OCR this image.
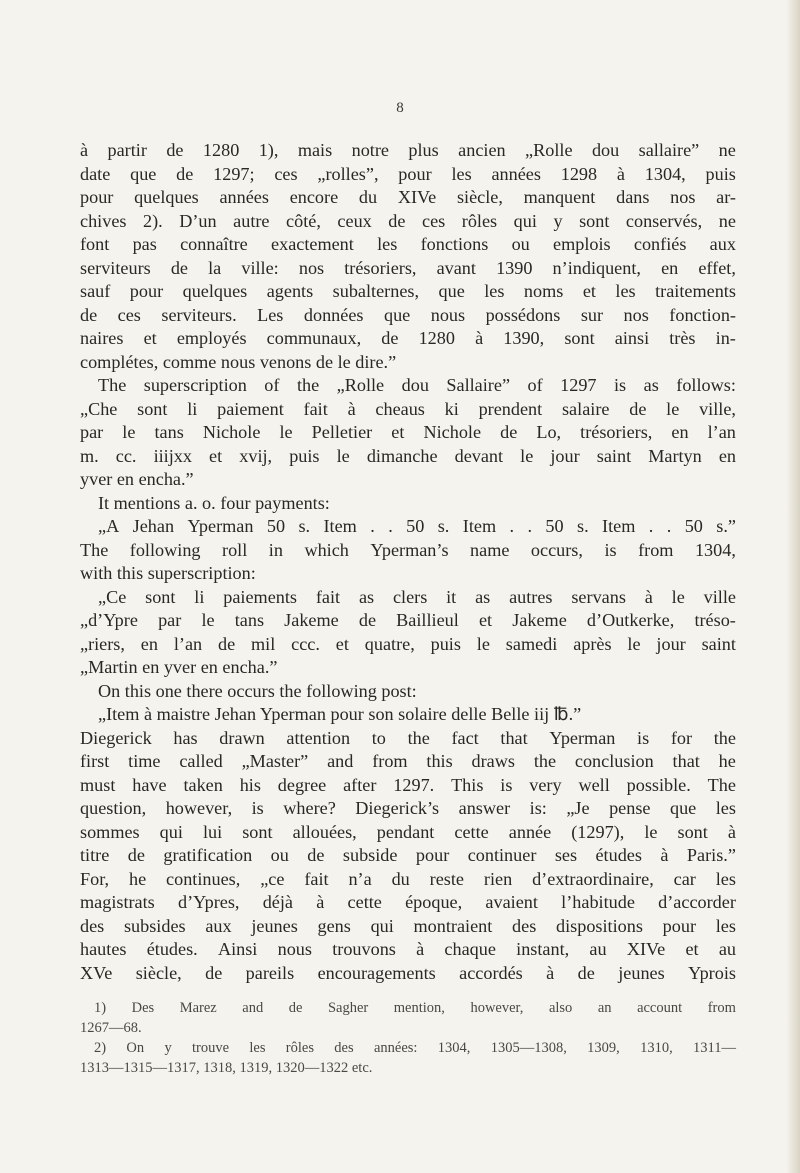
8
à partir de 1280 1), mais notre plus ancien „Rolle dou sallaire” ne
date que de 1297; ces „rolles”, pour les années 1298 à 1304, puis
pour quelques années encore du XIVe siècle, manquent dans nos ar-
chives 2). D’un autre côté, ceux de ces rôles qui y sont conservés, ne
font pas connaître exactement les fonctions ou emplois confiés aux
serviteurs de la ville: nos trésoriers, avant 1390 n’indiquent, en effet,
sauf pour quelques agents subalternes, que les noms et les traitements
de ces serviteurs. Les données que nous possédons sur nos fonction-
naires et employés communaux, de 1280 à 1390, sont ainsi très in-
complétes, comme nous venons de le dire.”
The superscription of the „Rolle dou Sallaire” of 1297 is as follows:
„Che sont li paiement fait à cheaus ki prendent salaire de le ville,
par le tans Nichole le Pelletier et Nichole de Lo, trésoriers, en l’an
m. cc. iiijxx et xvij, puis le dimanche devant le jour saint Martyn en
yver en encha.”
It mentions a. o. four payments:
„A Jehan Yperman 50 s. Item . . 50 s. Item . . 50 s. Item . . 50 s.”
The following roll in which Yperman’s name occurs, is from 1304,
with this superscription:
„Ce sont li paiements fait as clers it as autres servans à le ville
„d’Ypre par le tans Jakeme de Baillieul et Jakeme d’Outkerke, tréso-
„riers, en l’an de mil ccc. et quatre, puis le samedi après le jour saint
„Martin en yver en encha.”
On this one there occurs the following post:
„Item à maistre Jehan Yperman pour son solaire delle Belle iij ℔.”
Diegerick has drawn attention to the fact that Yperman is for the
first time called „Master” and from this draws the conclusion that he
must have taken his degree after 1297. This is very well possible. The
question, however, is where? Diegerick’s answer is: „Je pense que les
sommes qui lui sont allouées, pendant cette année (1297), le sont à
titre de gratification ou de subside pour continuer ses études à Paris.”
For, he continues, „ce fait n’a du reste rien d’extraordinaire, car les
magistrats d’Ypres, déjà à cette époque, avaient l’habitude d’accorder
des subsides aux jeunes gens qui montraient des dispositions pour les
hautes études. Ainsi nous trouvons à chaque instant, au XIVe et au
XVe siècle, de pareils encouragements accordés à de jeunes Yprois
1) Des Marez and de Sagher mention, however, also an account from
1267—68.
2) On y trouve les rôles des années: 1304, 1305—1308, 1309, 1310, 1311—
1313—1315—1317, 1318, 1319, 1320—1322 etc.
